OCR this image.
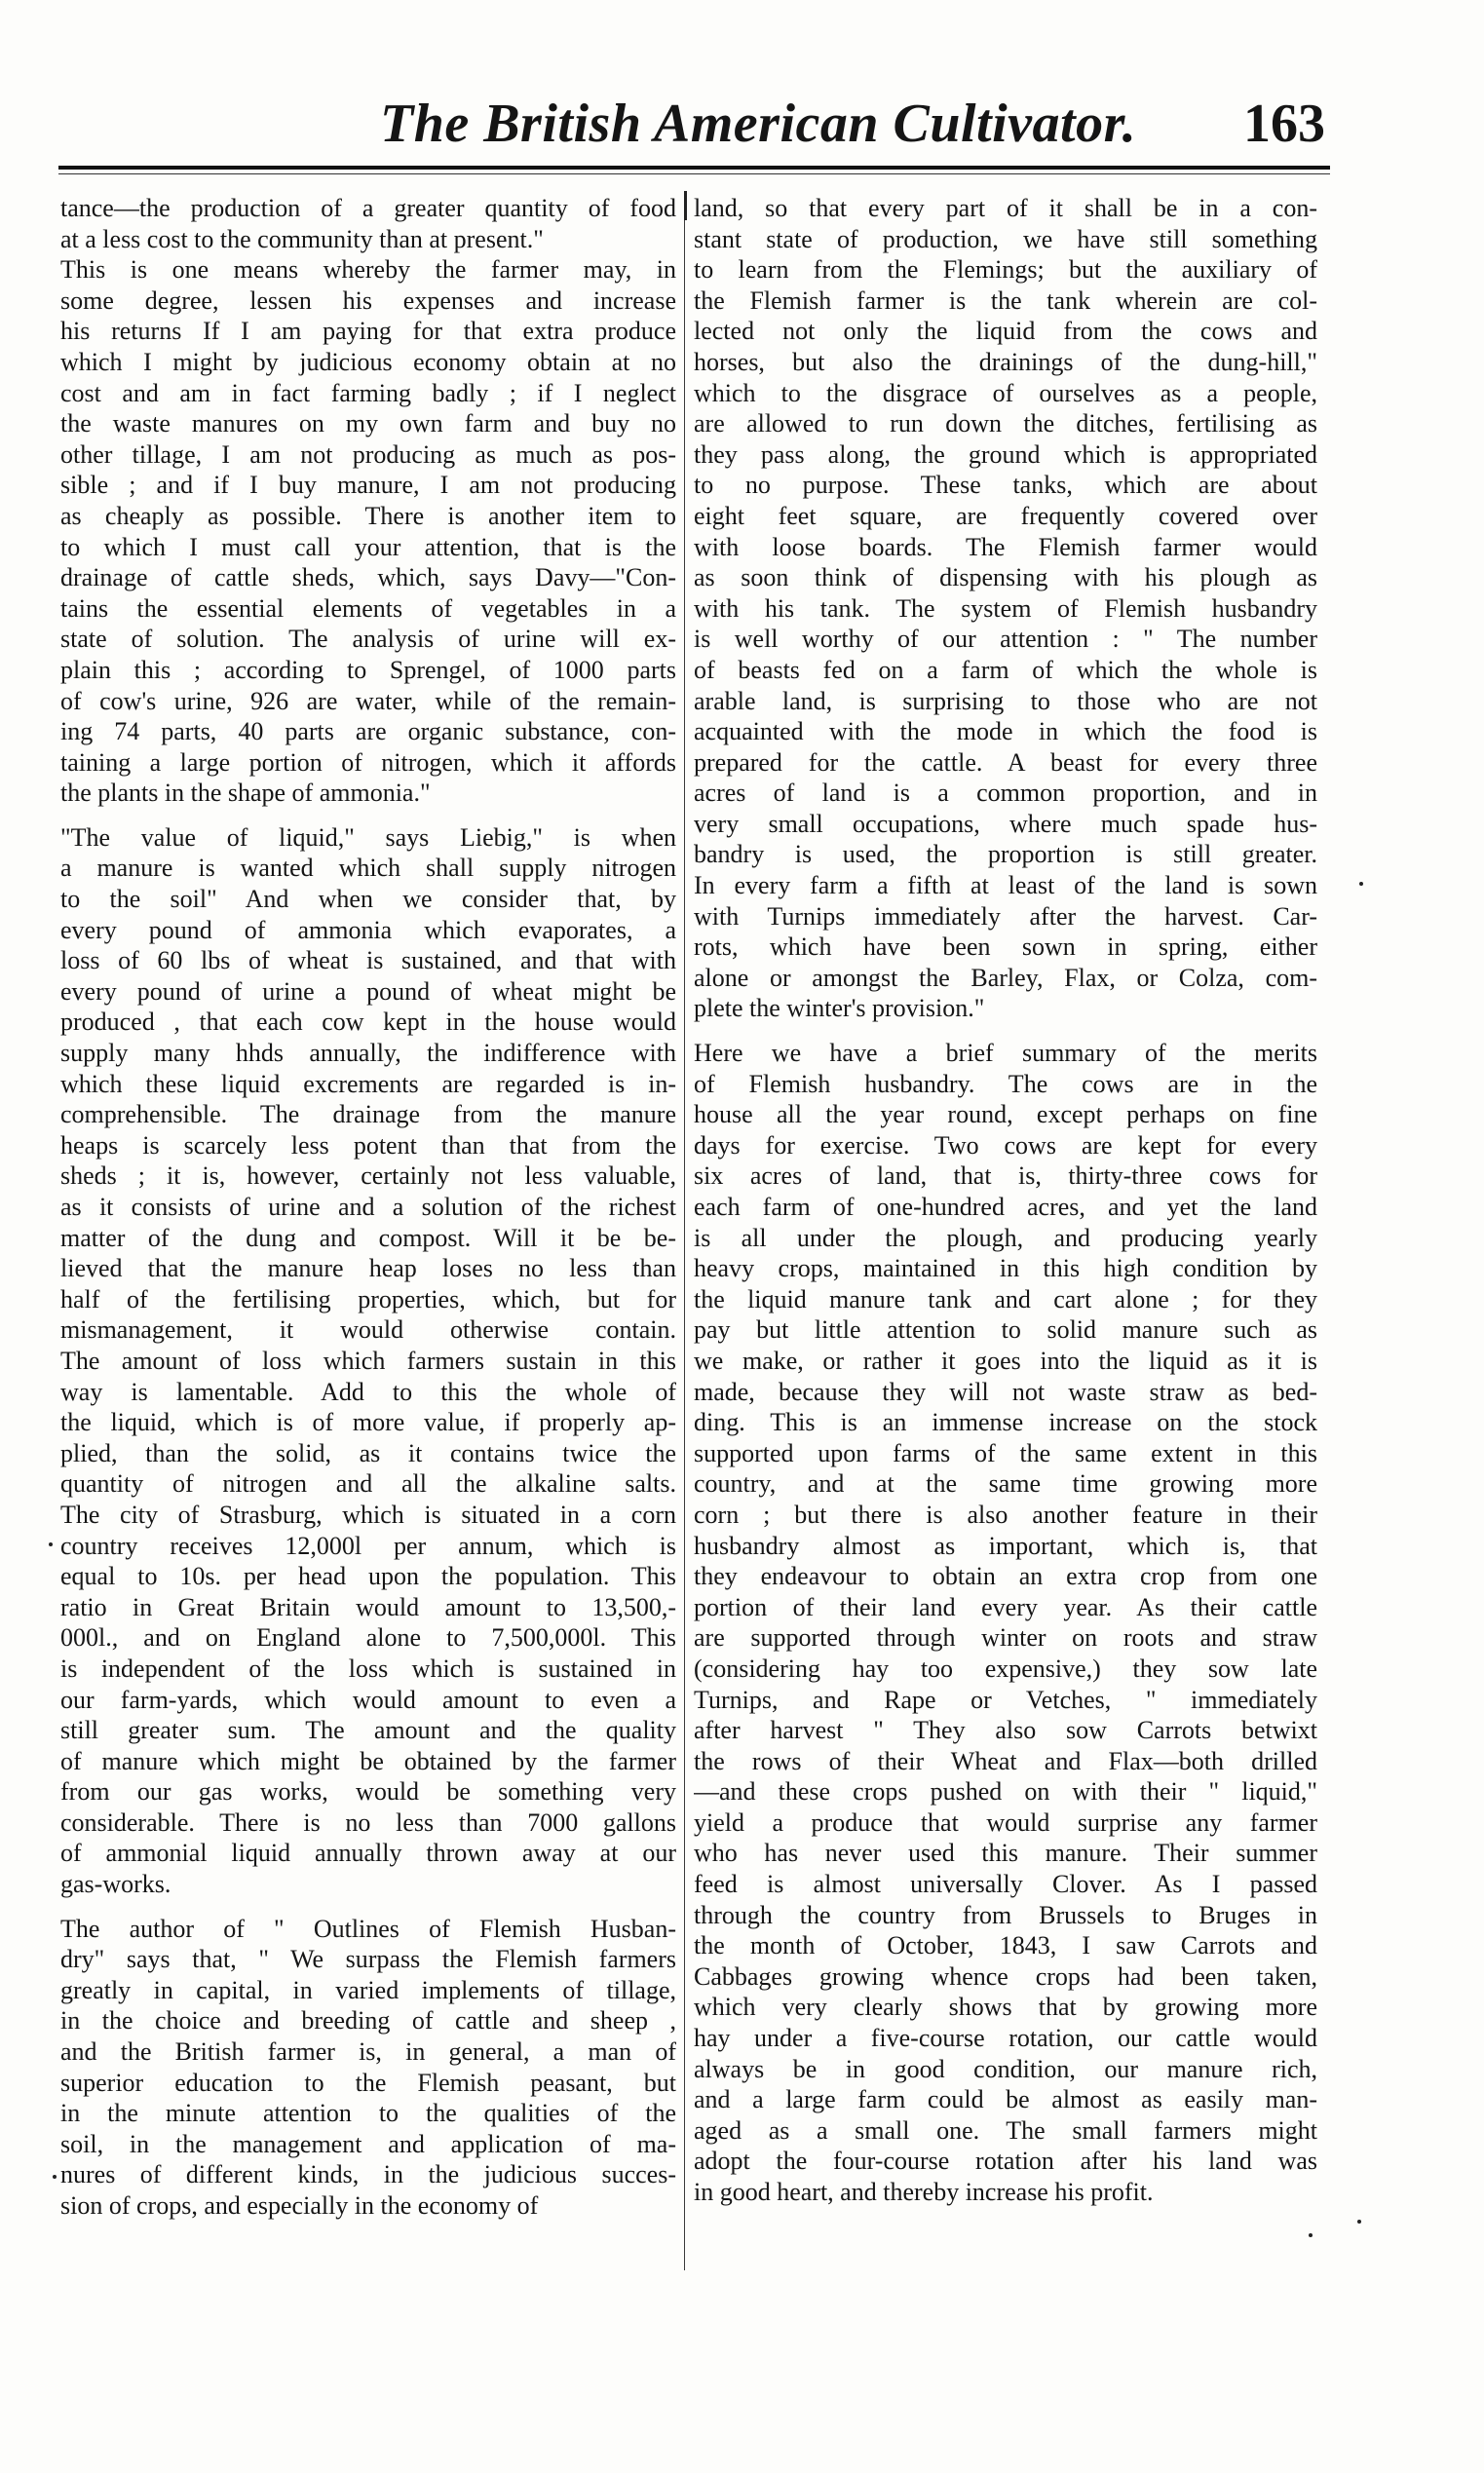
The British American Cultivator. 163
tance—the production of a greater quantity of food
at a less cost to the community than at present."
This is one means whereby the farmer may, in
some degree, lessen his expenses and increase
his returns If I am paying for that extra produce
which I might by judicious economy obtain at no
cost and am in fact farming badly ; if I neglect
the waste manures on my own farm and buy no
other tillage, I am not producing as much as pos-
sible ; and if I buy manure, I am not producing
as cheaply as possible. There is another item to
to which I must call your attention, that is the
drainage of cattle sheds, which, says Davy—"Con-
tains the essential elements of vegetables in a
state of solution. The analysis of urine will ex-
plain this ; according to Sprengel, of 1000 parts
of cow's urine, 926 are water, while of the remain-
ing 74 parts, 40 parts are organic substance, con-
taining a large portion of nitrogen, which it affords
the plants in the shape of ammonia."
"The value of liquid," says Liebig," is when
a manure is wanted which shall supply nitrogen
to the soil" And when we consider that, by
every pound of ammonia which evaporates, a
loss of 60 lbs of wheat is sustained, and that with
every pound of urine a pound of wheat might be
produced , that each cow kept in the house would
supply many hhds annually, the indifference with
which these liquid excrements are regarded is in-
comprehensible. The drainage from the manure
heaps is scarcely less potent than that from the
sheds ; it is, however, certainly not less valuable,
as it consists of urine and a solution of the richest
matter of the dung and compost. Will it be be-
lieved that the manure heap loses no less than
half of the fertilising properties, which, but for
mismanagement, it would otherwise contain.
The amount of loss which farmers sustain in this
way is lamentable. Add to this the whole of
the liquid, which is of more value, if properly ap-
plied, than the solid, as it contains twice the
quantity of nitrogen and all the alkaline salts.
The city of Strasburg, which is situated in a corn
country receives 12,000l per annum, which is
equal to 10s. per head upon the population. This
ratio in Great Britain would amount to 13,500,-
000l., and on England alone to 7,500,000l. This
is independent of the loss which is sustained in
our farm-yards, which would amount to even a
still greater sum. The amount and the quality
of manure which might be obtained by the farmer
from our gas works, would be something very
considerable. There is no less than 7000 gallons
of ammonial liquid annually thrown away at our
gas-works.
The author of " Outlines of Flemish Husban-
dry" says that, " We surpass the Flemish farmers
greatly in capital, in varied implements of tillage,
in the choice and breeding of cattle and sheep ,
and the British farmer is, in general, a man of
superior education to the Flemish peasant, but
in the minute attention to the qualities of the
soil, in the management and application of ma-
nures of different kinds, in the judicious succes-
sion of crops, and especially in the economy of
land, so that every part of it shall be in a con-
stant state of production, we have still something
to learn from the Flemings; but the auxiliary of
the Flemish farmer is the tank wherein are col-
lected not only the liquid from the cows and
horses, but also the drainings of the dung-hill,"
which to the disgrace of ourselves as a people,
are allowed to run down the ditches, fertilising as
they pass along, the ground which is appropriated
to no purpose. These tanks, which are about
eight feet square, are frequently covered over
with loose boards. The Flemish farmer would
as soon think of dispensing with his plough as
with his tank. The system of Flemish husbandry
is well worthy of our attention : " The number
of beasts fed on a farm of which the whole is
arable land, is surprising to those who are not
acquainted with the mode in which the food is
prepared for the cattle. A beast for every three
acres of land is a common proportion, and in
very small occupations, where much spade hus-
bandry is used, the proportion is still greater.
In every farm a fifth at least of the land is sown
with Turnips immediately after the harvest. Car-
rots, which have been sown in spring, either
alone or amongst the Barley, Flax, or Colza, com-
plete the winter's provision."
Here we have a brief summary of the merits
of Flemish husbandry. The cows are in the
house all the year round, except perhaps on fine
days for exercise. Two cows are kept for every
six acres of land, that is, thirty-three cows for
each farm of one-hundred acres, and yet the land
is all under the plough, and producing yearly
heavy crops, maintained in this high condition by
the liquid manure tank and cart alone ; for they
pay but little attention to solid manure such as
we make, or rather it goes into the liquid as it is
made, because they will not waste straw as bed-
ding. This is an immense increase on the stock
supported upon farms of the same extent in this
country, and at the same time growing more
corn ; but there is also another feature in their
husbandry almost as important, which is, that
they endeavour to obtain an extra crop from one
portion of their land every year. As their cattle
are supported through winter on roots and straw
(considering hay too expensive,) they sow late
Turnips, and Rape or Vetches, " immediately
after harvest " They also sow Carrots betwixt
the rows of their Wheat and Flax—both drilled
—and these crops pushed on with their " liquid,"
yield a produce that would surprise any farmer
who has never used this manure. Their summer
feed is almost universally Clover. As I passed
through the country from Brussels to Bruges in
the month of October, 1843, I saw Carrots and
Cabbages growing whence crops had been taken,
which very clearly shows that by growing more
hay under a five-course rotation, our cattle would
always be in good condition, our manure rich,
and a large farm could be almost as easily man-
aged as a small one. The small farmers might
adopt the four-course rotation after his land was
in good heart, and thereby increase his profit.
